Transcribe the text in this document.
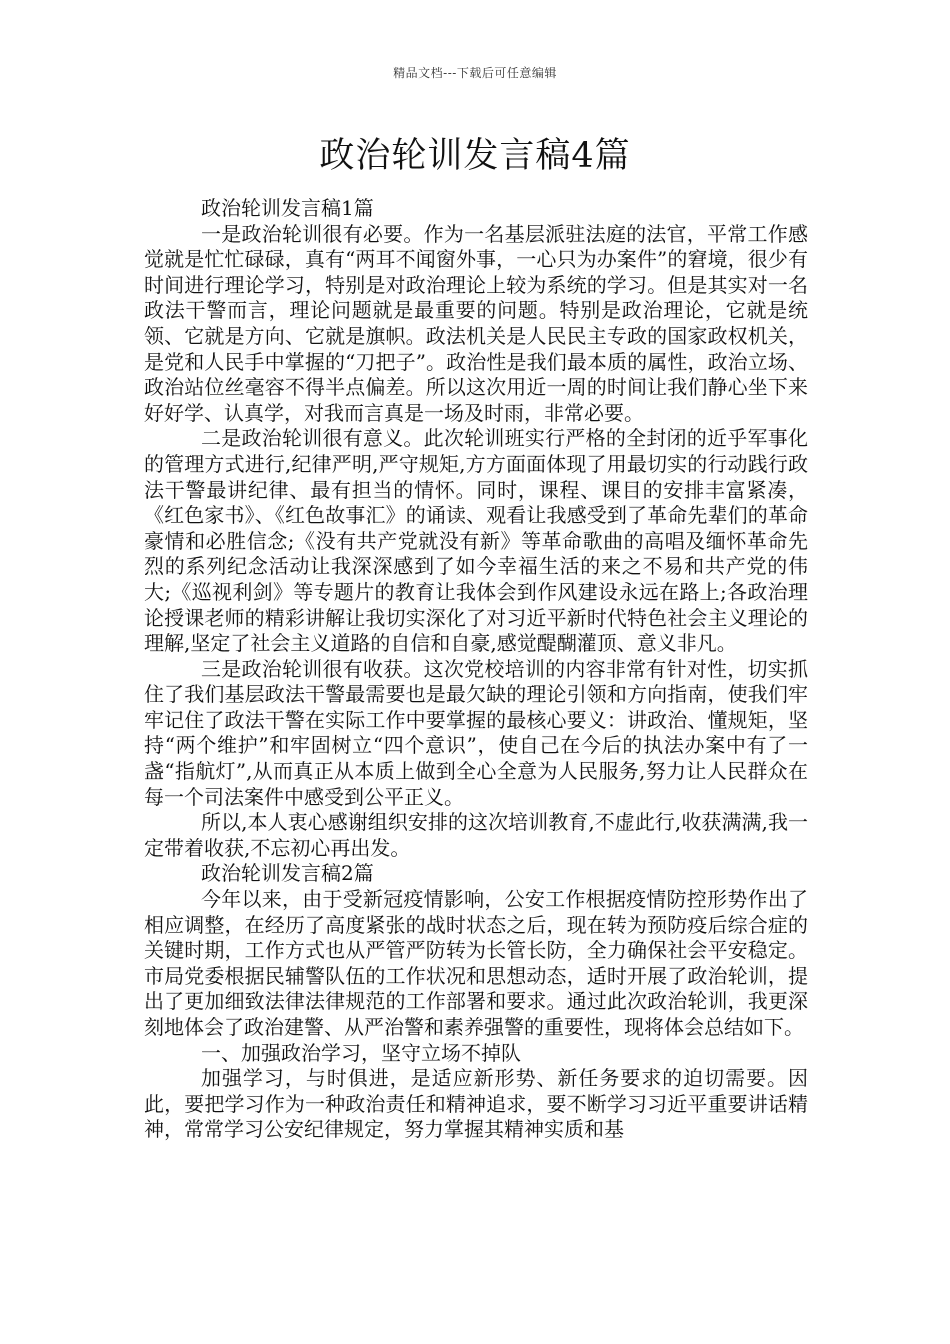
精品文档---下载后可任意编辑
政治轮训发言稿4篇

政治轮训发言稿1篇

一是政治轮训很有必要。作为一名基层派驻法庭的法官，平常工作感觉就是忙忙碌碌，真有“两耳不闻窗外事，一心只为办案件”的窘境，很少有时间进行理论学习，特别是对政治理论上较为系统的学习。但是其实对一名政法干警而言，理论问题就是最重要的问题。特别是政治理论，它就是统领、它就是方向、它就是旗帜。政法机关是人民民主专政的国家政权机关，是党和人民手中掌握的“刀把子”。政治性是我们最本质的属性，政治立场、政治站位丝毫容不得半点偏差。所以这次用近一周的时间让我们静心坐下来好好学、认真学，对我而言真是一场及时雨，非常必要。

二是政治轮训很有意义。此次轮训班实行严格的全封闭的近乎军事化的管理方式进行,纪律严明,严守规矩,方方面面体现了用最切实的行动践行政法干警最讲纪律、最有担当的情怀。同时，课程、课目的安排丰富紧凑，《红色家书》、《红色故事汇》的诵读、观看让我感受到了革命先辈们的革命豪情和必胜信念;《没有共产党就没有新》等革命歌曲的高唱及缅怀革命先烈的系列纪念活动让我深深感到了如今幸福生活的来之不易和共产党的伟大;《巡视利剑》等专题片的教育让我体会到作风建设永远在路上;各政治理论授课老师的精彩讲解让我切实深化了对习近平新时代特色社会主义理论的理解,坚定了社会主义道路的自信和自豪,感觉醍醐灌顶、意义非凡。

三是政治轮训很有收获。这次党校培训的内容非常有针对性，切实抓住了我们基层政法干警最需要也是最欠缺的理论引领和方向指南，使我们牢牢记住了政法干警在实际工作中要掌握的最核心要义：讲政治、懂规矩，坚持“两个维护”和牢固树立“四个意识”，使自己在今后的执法办案中有了一盏“指航灯”,从而真正从本质上做到全心全意为人民服务,努力让人民群众在每一个司法案件中感受到公平正义。

所以,本人衷心感谢组织安排的这次培训教育,不虚此行,收获满满,我一定带着收获,不忘初心再出发。

政治轮训发言稿2篇

今年以来，由于受新冠疫情影响，公安工作根据疫情防控形势作出了相应调整，在经历了高度紧张的战时状态之后，现在转为预防疫后综合症的关键时期，工作方式也从严管严防转为长管长防，全力确保社会平安稳定。市局党委根据民辅警队伍的工作状况和思想动态，适时开展了政治轮训，提出了更加细致法律法律规范的工作部署和要求。通过此次政治轮训，我更深刻地体会了政治建警、从严治警和素养强警的重要性，现将体会总结如下。

一、加强政治学习，坚守立场不掉队

加强学习，与时俱进，是适应新形势、新任务要求的迫切需要。因此，要把学习作为一种政治责任和精神追求，要不断学习习近平重要讲话精神，常常学习公安纪律规定，努力掌握其精神实质和基
